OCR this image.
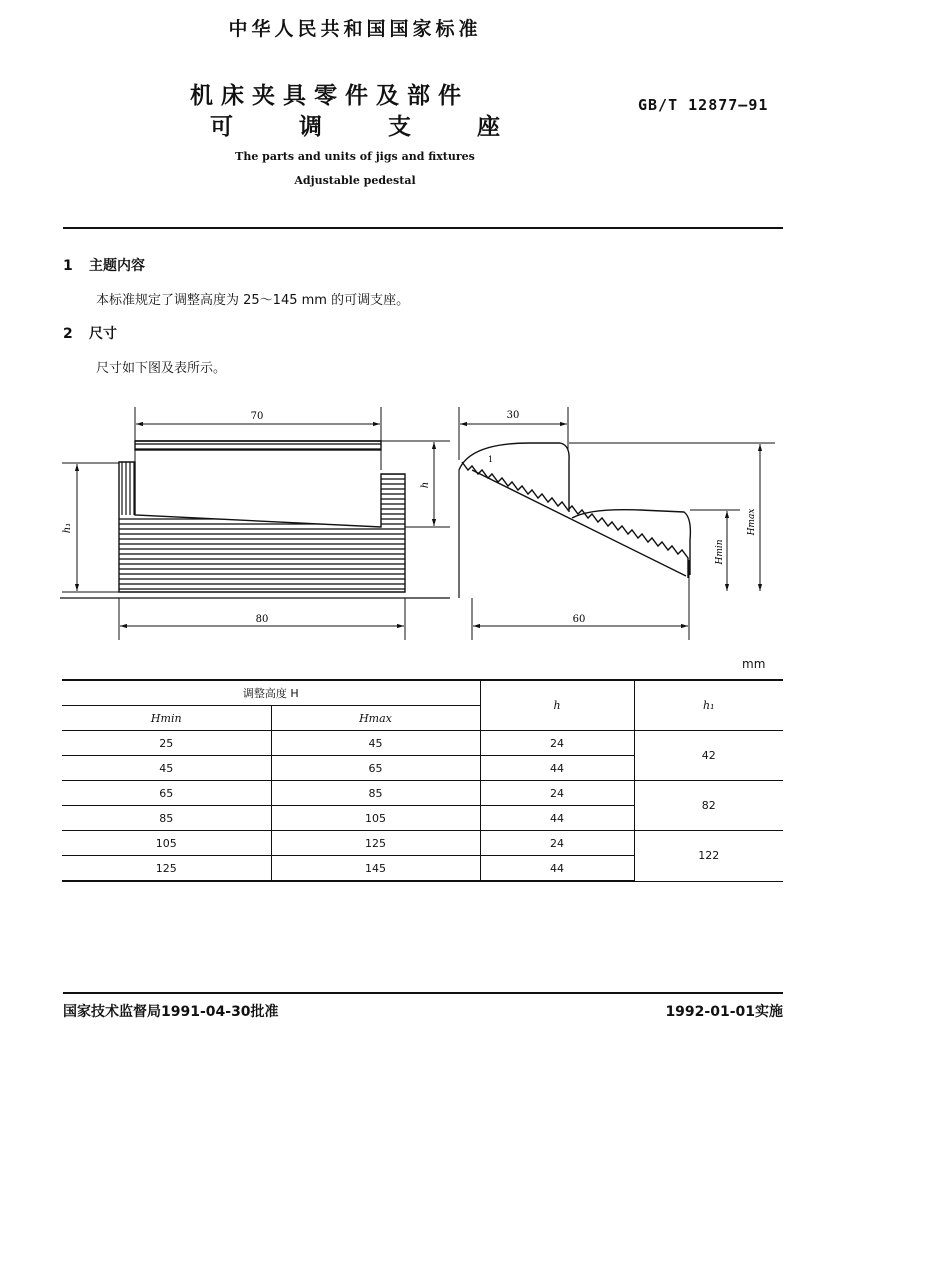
中华人民共和国国家标准
机床夹具零件及部件
可	调	支	座
GB/T 12877—91
The parts and units of jigs and fixtures
Adjustable pedestal
1 主题内容
本标准规定了调整高度为 25～145 mm 的可调支座。
2 尺寸
尺寸如下图及表所示。
70
80
h
h₁
30
60
1
Hmin
Hmax
mm
调整高度 H		h	h₁
Hmin	Hmax		
25	45	24	42
45	65	44	
65	85	24	82
85	105	44	
105	125	24	122
125	145	44	
国家技术监督局1991-04-30批准	1992-01-01实施
